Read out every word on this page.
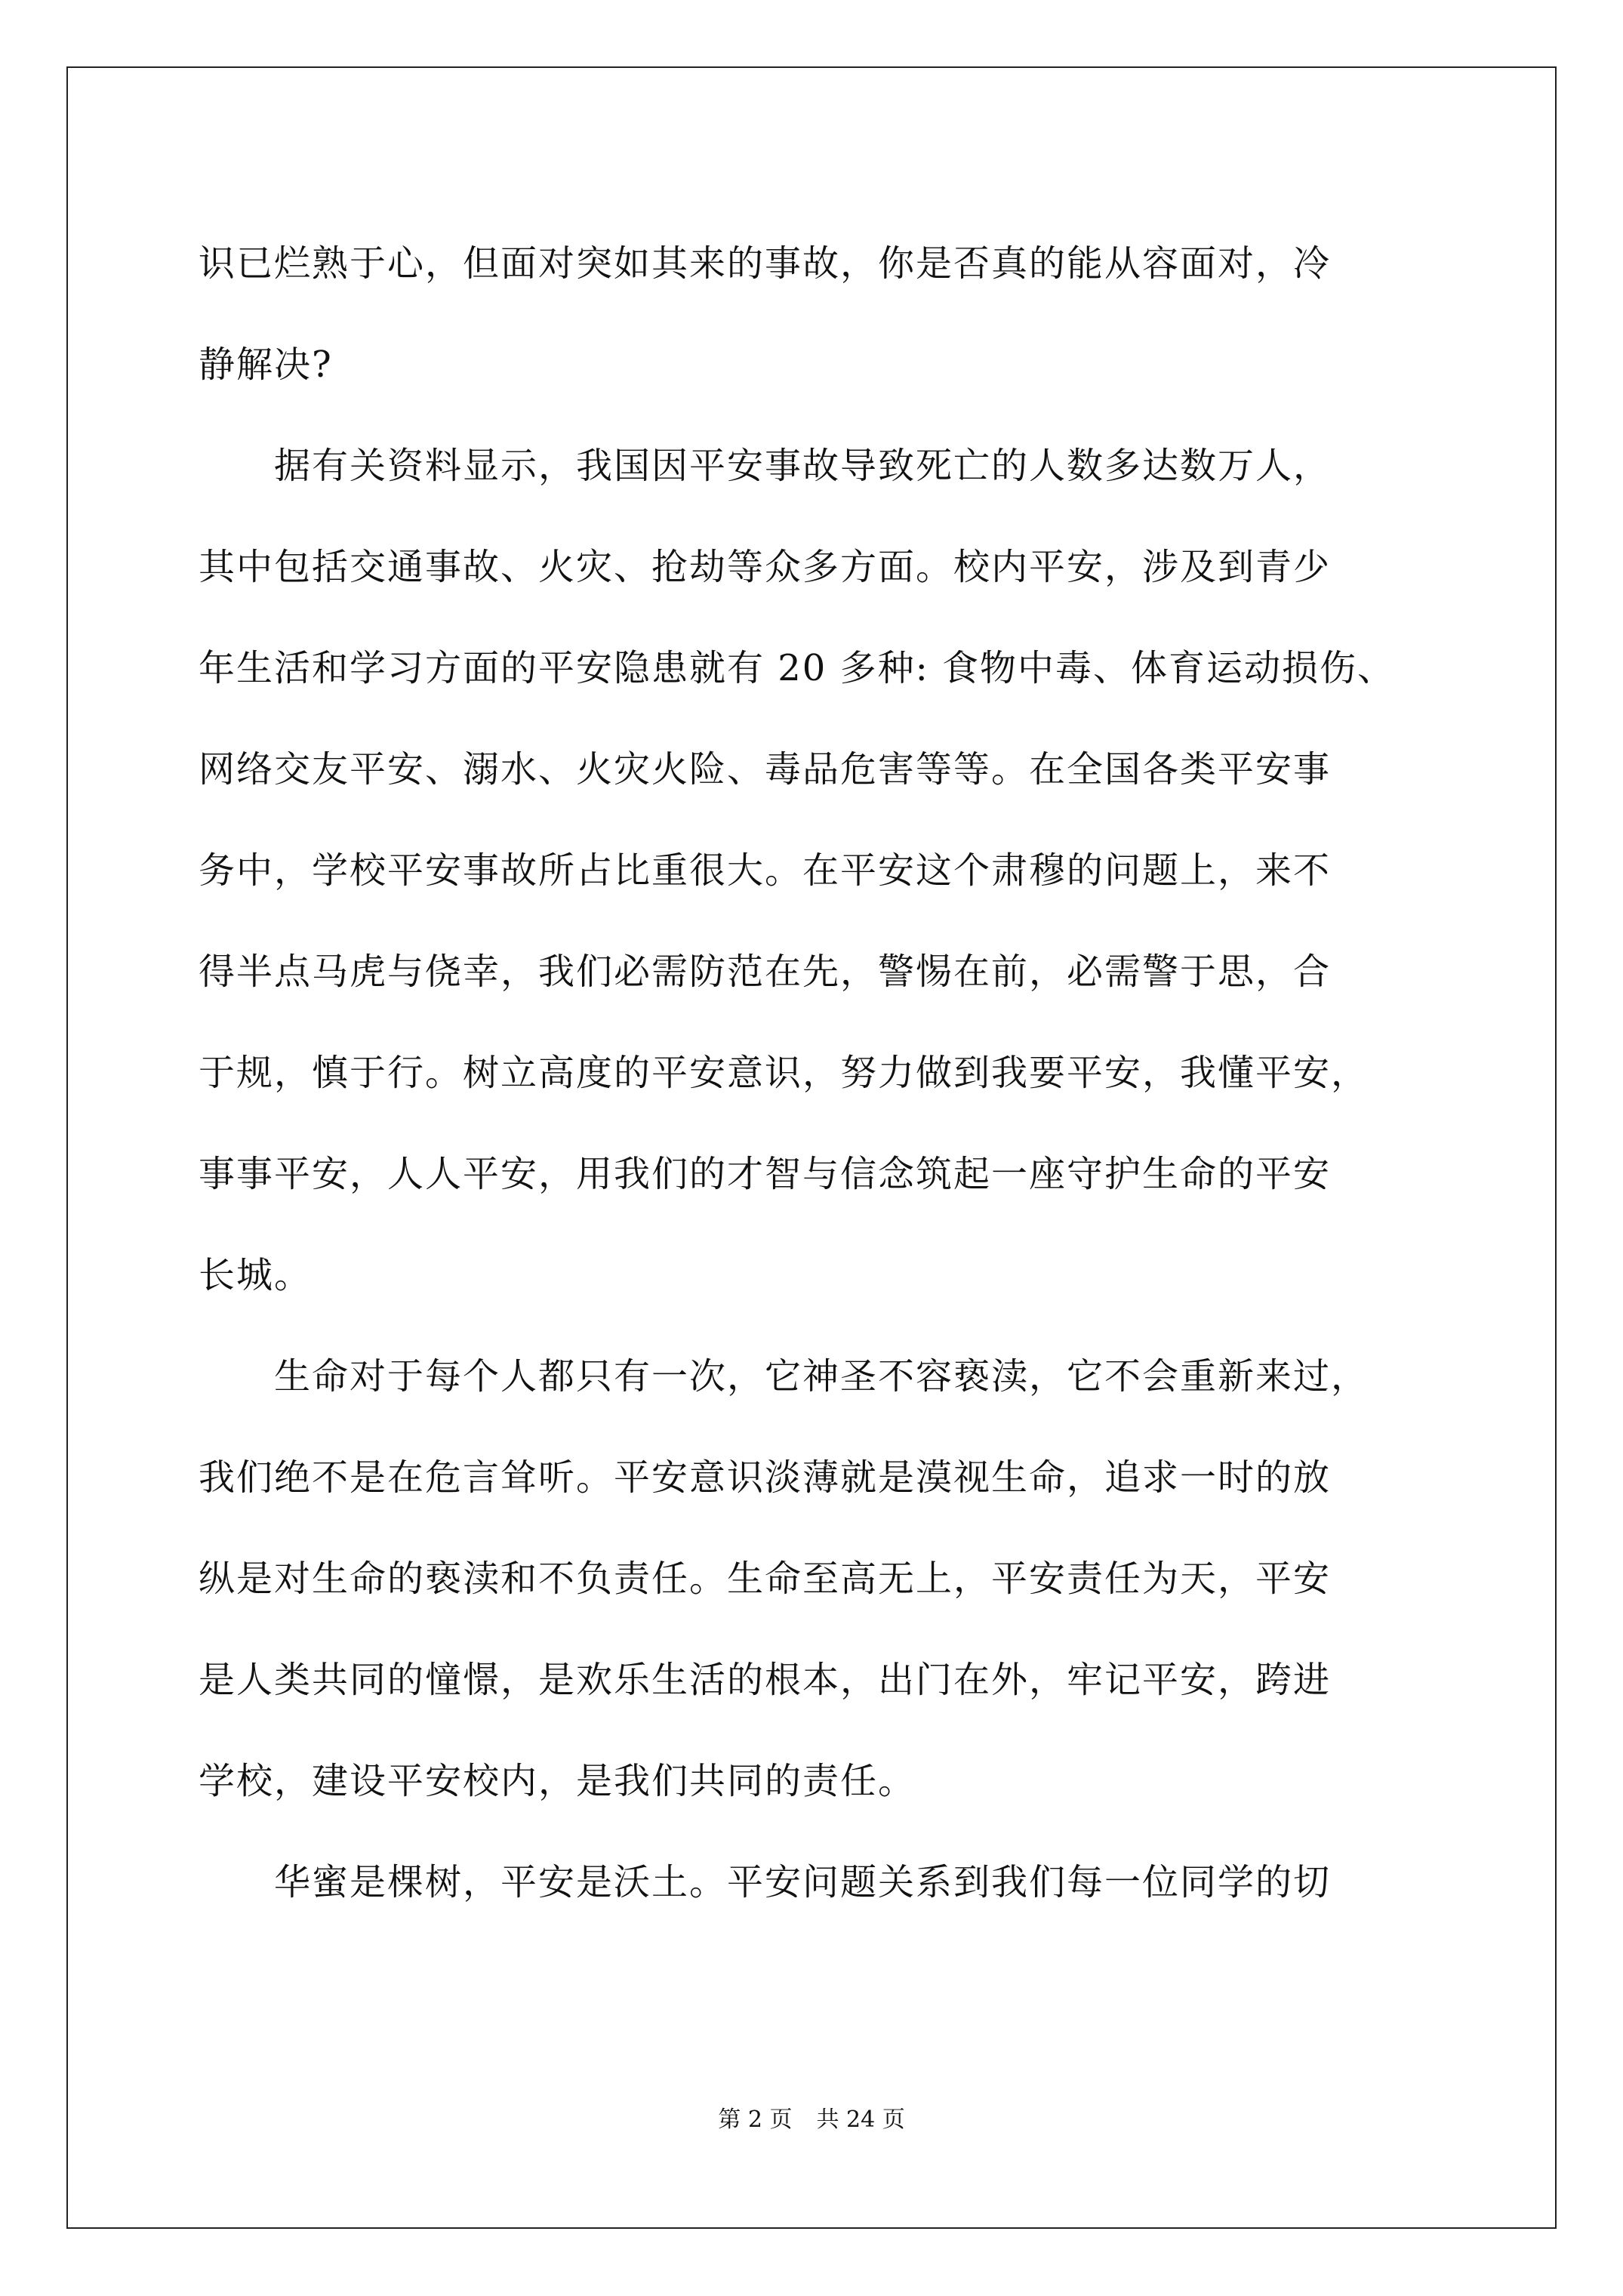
识已烂熟于心，但面对突如其来的事故，你是否真的能从容面对，冷
静解决?
　　据有关资料显示，我国因平安事故导致死亡的人数多达数万人，
其中包括交通事故、火灾、抢劫等众多方面。校内平安，涉及到青少
年生活和学习方面的平安隐患就有 20 多种: 食物中毒、体育运动损伤、
网络交友平安、溺水、火灾火险、毒品危害等等。在全国各类平安事
务中，学校平安事故所占比重很大。在平安这个肃穆的问题上，来不
得半点马虎与侥幸，我们必需防范在先，警惕在前，必需警于思，合
于规，慎于行。树立高度的平安意识，努力做到我要平安，我懂平安，
事事平安，人人平安，用我们的才智与信念筑起一座守护生命的平安
长城。
　　生命对于每个人都只有一次，它神圣不容亵渎，它不会重新来过，
我们绝不是在危言耸听。平安意识淡薄就是漠视生命，追求一时的放
纵是对生命的亵渎和不负责任。生命至高无上，平安责任为天，平安
是人类共同的憧憬，是欢乐生活的根本，出门在外，牢记平安，跨进
学校，建设平安校内，是我们共同的责任。
　　华蜜是棵树，平安是沃土。平安问题关系到我们每一位同学的切
第 2 页 共 24 页
